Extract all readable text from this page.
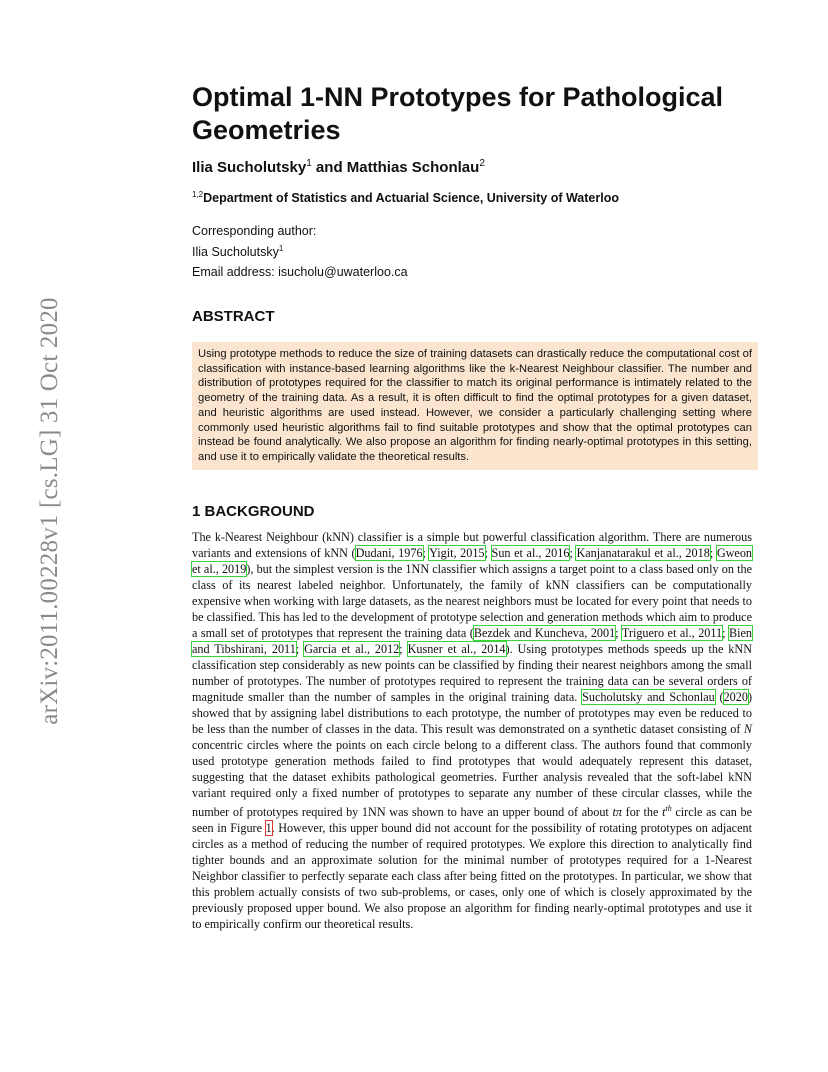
arXiv:2011.00228v1 [cs.LG] 31 Oct 2020
Optimal 1-NN Prototypes for Pathological Geometries
Ilia Sucholutsky$^1$ and Matthias Schonlau$^2$
$^{1,2}$Department of Statistics and Actuarial Science, University of Waterloo
Corresponding author:
Ilia Sucholutsky$^1$
Email address: isucholu@uwaterloo.ca
ABSTRACT
Using prototype methods to reduce the size of training datasets can drastically reduce the computational cost of classification with instance-based learning algorithms like the k-Nearest Neighbour classifier. The number and distribution of prototypes required for the classifier to match its original performance is intimately related to the geometry of the training data. As a result, it is often difficult to find the optimal prototypes for a given dataset, and heuristic algorithms are used instead. However, we consider a particularly challenging setting where commonly used heuristic algorithms fail to find suitable prototypes and show that the optimal prototypes can instead be found analytically. We also propose an algorithm for finding nearly-optimal prototypes in this setting, and use it to empirically validate the theoretical results.
1 BACKGROUND

The k-Nearest Neighbour (kNN) classifier is a simple but powerful classification algorithm. There are numerous variants and extensions of kNN (Dudani, 1976; Yigit, 2015; Sun et al., 2016; Kanjanatarakul et al., 2018; Gweon et al., 2019), but the simplest version is the 1NN classifier which assigns a target point to a class based only on the class of its nearest labeled neighbor. Unfortunately, the family of kNN classifiers can be computationally expensive when working with large datasets, as the nearest neighbors must be located for every point that needs to be classified. This has led to the development of prototype selection and generation methods which aim to produce a small set of prototypes that represent the training data (Bezdek and Kuncheva, 2001; Triguero et al., 2011; Bien and Tibshirani, 2011; Garcia et al., 2012; Kusner et al., 2014). Using prototypes methods speeds up the kNN classification step considerably as new points can be classified by finding their nearest neighbors among the small number of prototypes. The number of prototypes required to represent the training data can be several orders of magnitude smaller than the number of samples in the original training data. Sucholutsky and Schonlau (2020) showed that by assigning label distributions to each prototype, the number of prototypes may even be reduced to be less than the number of classes in the data. This result was demonstrated on a synthetic dataset consisting of N concentric circles where the points on each circle belong to a different class. The authors found that commonly used prototype generation methods failed to find prototypes that would adequately represent this dataset, suggesting that the dataset exhibits pathological geometries. Further analysis revealed that the soft-label kNN variant required only a fixed number of prototypes to separate any number of these circular classes, while the number of prototypes required by 1NN was shown to have an upper bound of about tπ for the $t^{th}$ circle as can be seen in Figure 1. However, this upper bound did not account for the possibility of rotating prototypes on adjacent circles as a method of reducing the number of required prototypes. We explore this direction to analytically find tighter bounds and an approximate solution for the minimal number of prototypes required for a 1-Nearest Neighbor classifier to perfectly separate each class after being fitted on the prototypes. In particular, we show that this problem actually consists of two sub-problems, or cases, only one of which is closely approximated by the previously proposed upper bound. We also propose an algorithm for finding nearly-optimal prototypes and use it to empirically confirm our theoretical results.
